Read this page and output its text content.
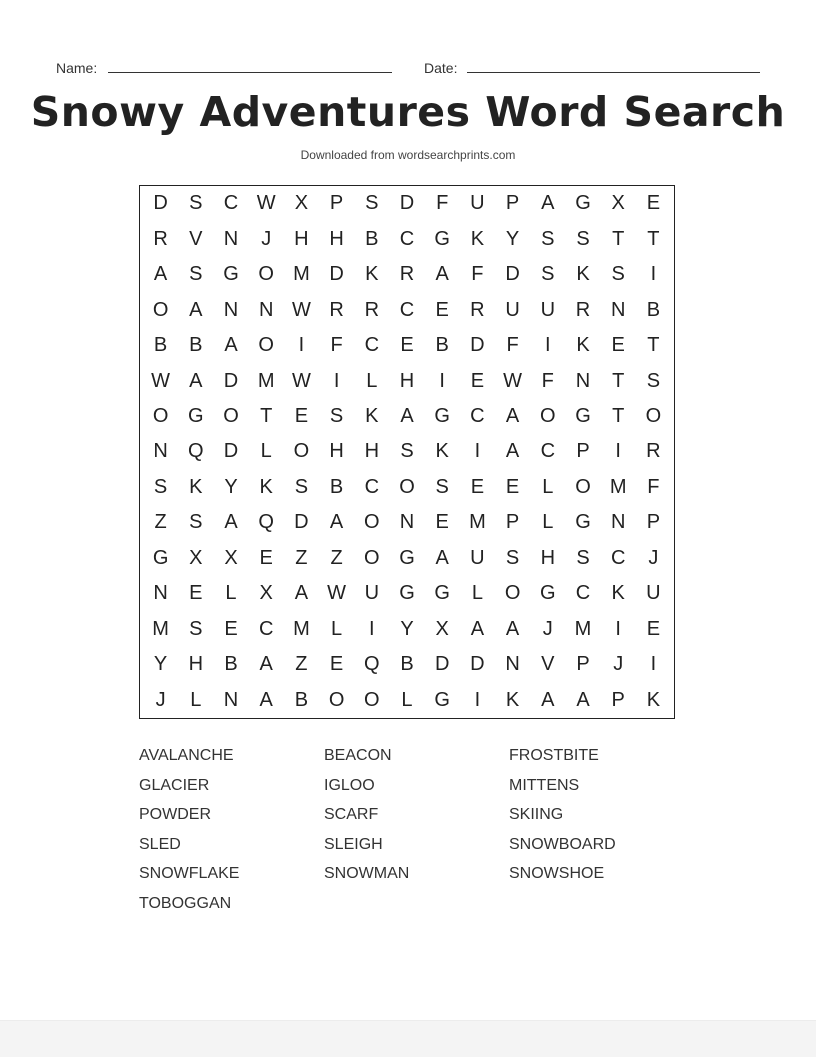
Name:	Date:
Snowy Adventures Word Search
Downloaded from wordsearchprints.com
D	S	C W X	P	S	D	F	U	P	A	G	X	E
R	V	N	J	H	H	B	C	G	K	Y	S	S	T	T
A	S	G O M D	K	R	A	F	D	S	K	S	I
O	A	N	N W R	R	C	E	R	U	U	R	N	B
B	B	A	O	I	F	C	E	B	D	F	I	K	E	T
W A	D M W	I	L	H	I	E W F	N	T	S
O G O	T	E	S	K	A	G	C	A	O G	T	O
N	Q	D	L	O	H	H	S	K	I	A	C	P	I	R
S	K	Y	K	S	B	C	O	S	E	E	L	O M	F
Z	S	A	Q	D	A	O	N	E	M	P	L	G	N	P
G	X	X	E	Z	Z	O G	A	U	S	H	S	C	J
N	E	L	X	A W U	G G	L	O G	C	K	U
M	S	E	C M	L	I	Y	X	A	A	J	M	I	E
Y	H	B	A	Z	E	Q	B	D	D	N	V	P	J	I
J	L	N	A	B	O O	L	G	I	K	A	A	P	K
AVALANCHE	BEACON	FROSTBITE
GLACIER	IGLOO	MITTENS
POWDER	SCARF	SKIING
SLED	SLEIGH	SNOWBOARD
SNOWFLAKE	SNOWMAN	SNOWSHOE
TOBOGGAN
